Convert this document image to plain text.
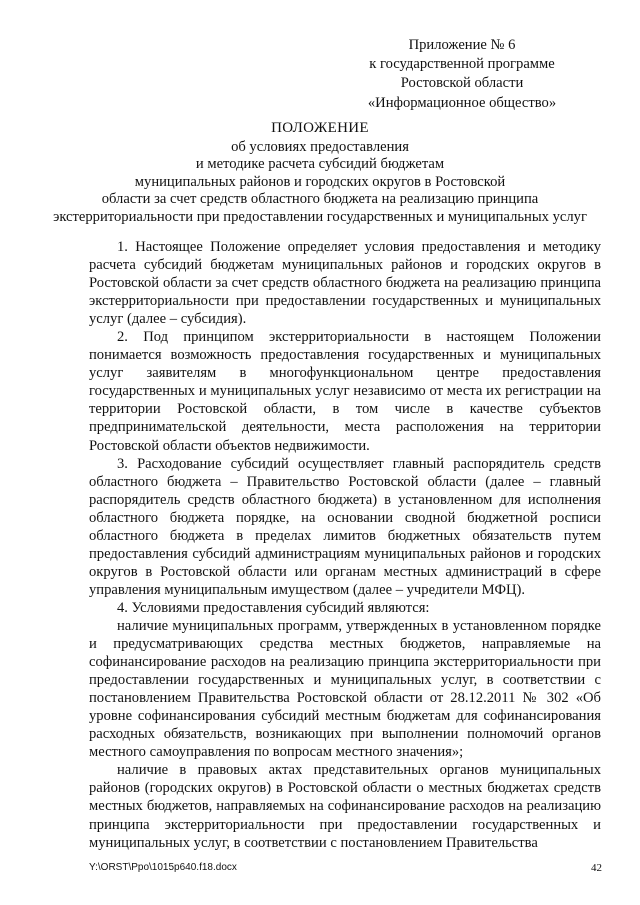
Приложение № 6
к государственной программе
Ростовской области
«Информационное общество»
ПОЛОЖЕНИЕ
об условиях предоставления
и методике расчета субсидий бюджетам
муниципальных районов и городских округов в Ростовской
области за счет средств областного бюджета на реализацию принципа
экстерриториальности при предоставлении государственных и муниципальных услуг

1. Настоящее Положение определяет условия предоставления и методику расчета субсидий бюджетам муниципальных районов и городских округов в Ростовской области за счет средств областного бюджета на реализацию принципа экстерриториальности при предоставлении государственных и муниципальных услуг (далее – субсидия).

2. Под принципом экстерриториальности в настоящем Положении понимается возможность предоставления государственных и муниципальных услуг заявителям в многофункциональном центре предоставления государственных и муниципальных услуг независимо от места их регистрации на территории Ростовской области, в том числе в качестве субъектов предпринимательской деятельности, места расположения на территории Ростовской области объектов недвижимости.

3. Расходование субсидий осуществляет главный распорядитель средств областного бюджета – Правительство Ростовской области (далее – главный распорядитель средств областного бюджета) в установленном для исполнения областного бюджета порядке, на основании сводной бюджетной росписи областного бюджета в пределах лимитов бюджетных обязательств путем предоставления субсидий администрациям муниципальных районов и городских округов в Ростовской области или органам местных администраций в сфере управления муниципальным имуществом (далее – учредители МФЦ).

4. Условиями предоставления субсидий являются:

наличие муниципальных программ, утвержденных в установленном порядке и предусматривающих средства местных бюджетов, направляемые на софинансирование расходов на реализацию принципа экстерриториальности при предоставлении государственных и муниципальных услуг, в соответствии с постановлением Правительства Ростовской области от 28.12.2011 № 302 «Об уровне софинансирования субсидий местным бюджетам для софинансирования расходных обязательств, возникающих при выполнении полномочий органов местного самоуправления по вопросам местного значения»;

наличие в правовых актах представительных органов муниципальных районов (городских округов) в Ростовской области о местных бюджетах средств местных бюджетов, направляемых на софинансирование расходов на реализацию принципа экстерриториальности при предоставлении государственных и муниципальных услуг, в соответствии с постановлением Правительства

Y:\ORST\Ppo\1015p640.f18.docx	42
